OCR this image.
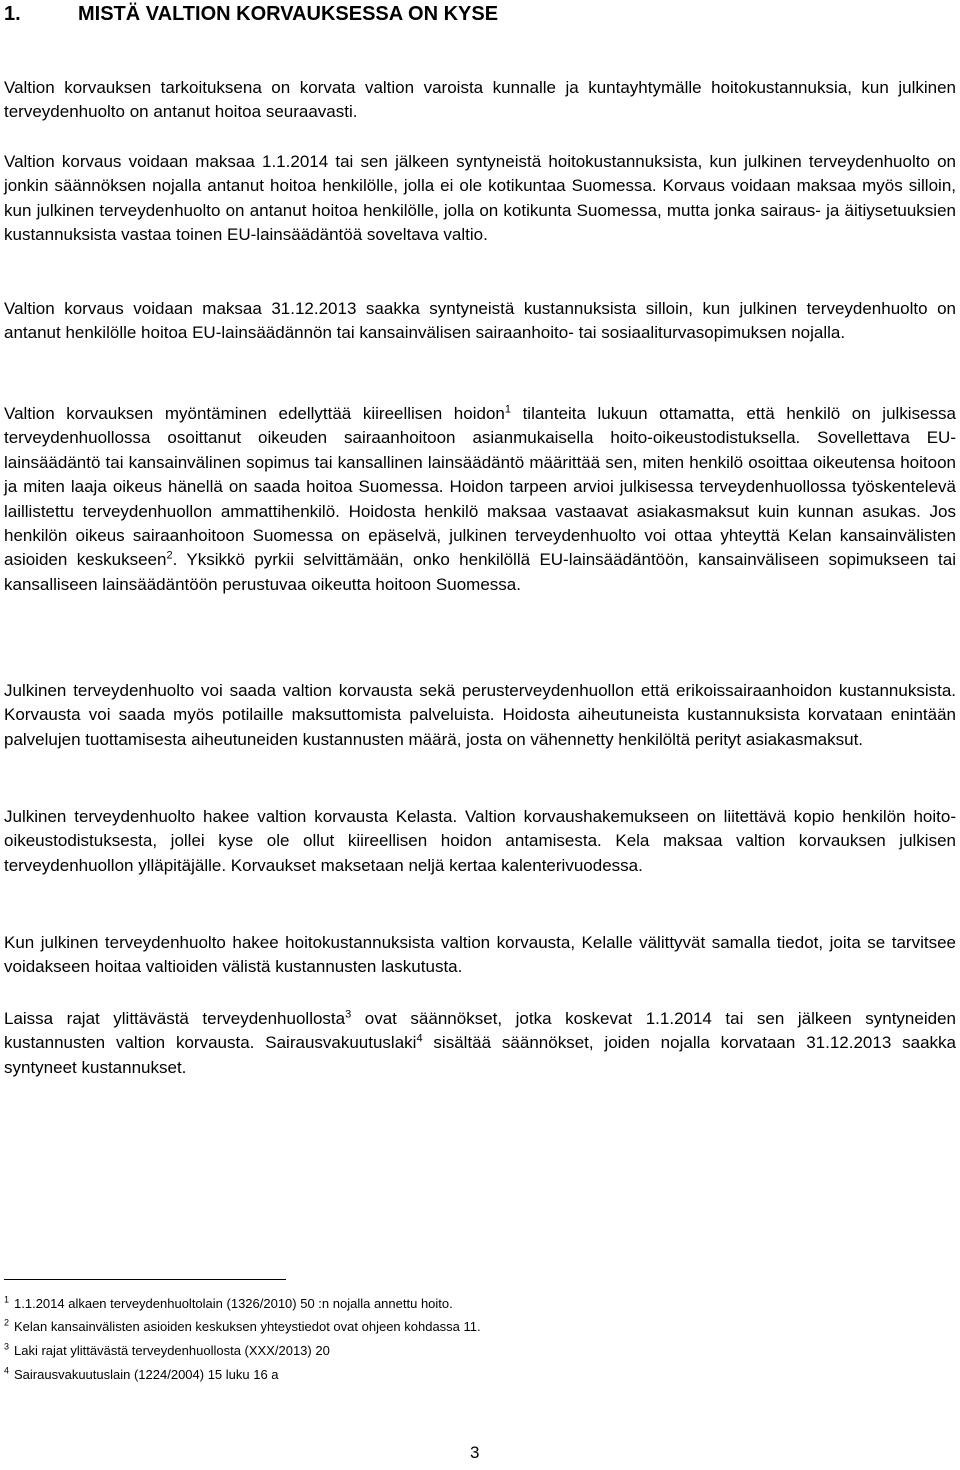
1.	MISTÄ VALTION KORVAUKSESSA ON KYSE

Valtion korvauksen tarkoituksena on korvata valtion varoista kunnalle ja kuntayhtymälle hoitokustannuksia, kun julkinen terveydenhuolto on antanut hoitoa seuraavasti.

Valtion korvaus voidaan maksaa 1.1.2014 tai sen jälkeen syntyneistä hoitokustannuksista, kun julkinen terveydenhuolto on jonkin säännöksen nojalla antanut hoitoa henkilölle, jolla ei ole kotikuntaa Suomessa. Korvaus voidaan maksaa myös silloin, kun julkinen terveydenhuolto on antanut hoitoa henkilölle, jolla on kotikunta Suomessa, mutta jonka sairaus- ja äitiysetuuksien kustannuksista vastaa toinen EU-lainsäädäntöä soveltava valtio.

Valtion korvaus voidaan maksaa 31.12.2013 saakka syntyneistä kustannuksista silloin, kun julkinen terveydenhuolto on antanut henkilölle hoitoa EU-lainsäädännön tai kansainvälisen sairaanhoito- tai sosiaaliturvasopimuksen nojalla.

Valtion korvauksen myöntäminen edellyttää kiireellisen hoidon$^1$ tilanteita lukuun ottamatta, että henkilö on julkisessa terveydenhuollossa osoittanut oikeuden sairaanhoitoon asianmukaisella hoito-oikeustodistuksella. Sovellettava EU-lainsäädäntö tai kansainvälinen sopimus tai kansallinen lainsäädäntö määrittää sen, miten henkilö osoittaa oikeutensa hoitoon ja miten laaja oikeus hänellä on saada hoitoa Suomessa. Hoidon tarpeen arvioi julkisessa terveydenhuollossa työskentelevä laillistettu terveydenhuollon ammattihenkilö. Hoidosta henkilö maksaa vastaavat asiakasmaksut kuin kunnan asukas. Jos henkilön oikeus sairaanhoitoon Suomessa on epäselvä, julkinen terveydenhuolto voi ottaa yhteyttä Kelan kansainvälisten asioiden keskukseen$^2$. Yksikkö pyrkii selvittämään, onko henkilöllä EU-lainsäädäntöön, kansainväliseen sopimukseen tai kansalliseen lainsäädäntöön perustuvaa oikeutta hoitoon Suomessa.

Julkinen terveydenhuolto voi saada valtion korvausta sekä perusterveydenhuollon että erikoissairaanhoidon kustannuksista. Korvausta voi saada myös potilaille maksuttomista palveluista. Hoidosta aiheutuneista kustannuksista korvataan enintään palvelujen tuottamisesta aiheutuneiden kustannusten määrä, josta on vähennetty henkilöltä perityt asiakasmaksut.

Julkinen terveydenhuolto hakee valtion korvausta Kelasta. Valtion korvaushakemukseen on liitettävä kopio henkilön hoito-oikeustodistuksesta, jollei kyse ole ollut kiireellisen hoidon antamisesta. Kela maksaa valtion korvauksen julkisen terveydenhuollon ylläpitäjälle. Korvaukset maksetaan neljä kertaa kalenterivuodessa.

Kun julkinen terveydenhuolto hakee hoitokustannuksista valtion korvausta, Kelalle välittyvät samalla tiedot, joita se tarvitsee voidakseen hoitaa valtioiden välistä kustannusten laskutusta.

Laissa rajat ylittävästä terveydenhuollosta$^3$ ovat säännökset, jotka koskevat 1.1.2014 tai sen jälkeen syntyneiden kustannusten valtion korvausta. Sairausvakuutuslaki$^4$ sisältää säännökset, joiden nojalla korvataan 31.12.2013 saakka syntyneet kustannukset.

$^1$ 1.1.2014 alkaen terveydenhuoltolain (1326/2010) 50 :n nojalla annettu hoito.
$^2$ Kelan kansainvälisten asioiden keskuksen yhteystiedot ovat ohjeen kohdassa 11.
$^3$ Laki rajat ylittävästä terveydenhuollosta (XXX/2013) 20
$^4$ Sairausvakuutuslain (1224/2004) 15 luku 16 a
3
